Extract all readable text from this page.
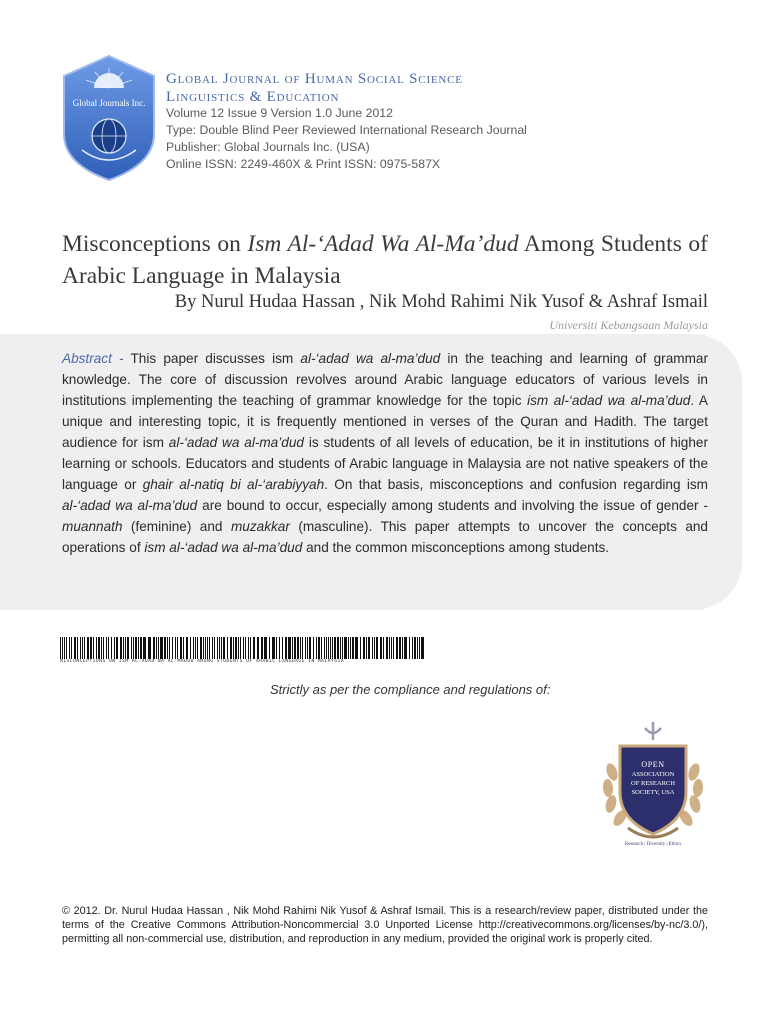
Global Journals Inc.

Global Journal of Human Social Science

Linguistics & Education

Volume 12 Issue 9 Version 1.0 June 2012

Type: Double Blind Peer Reviewed International Research Journal

Publisher: Global Journals Inc. (USA)

Online ISSN: 2249-460X & Print ISSN: 0975-587X

Misconceptions on Ism Al-‘Adad Wa Al-Ma’dud Among Students of Arabic Language in Malaysia

By Nurul Hudaa Hassan , Nik Mohd Rahimi Nik Yusof & Ashraf Ismail

Universiti Kebangsaan Malaysia

Abstract - This paper discusses ism al-‘adad wa al-ma’dud in the teaching and learning of grammar knowledge. The core of discussion revolves around Arabic language educators of various levels in institutions implementing the teaching of grammar knowledge for the topic ism al-‘adad wa al-ma’dud. A unique and interesting topic, it is frequently mentioned in verses of the Quran and Hadith. The target audience for ism al-‘adad wa al-ma’dud is students of all levels of education, be it in institutions of higher learning or schools. Educators and students of Arabic language in Malaysia are not native speakers of the language or ghair al-natiq bi al-‘arabiyyah. On that basis, misconceptions and confusion regarding ism al-‘adad wa al-ma’dud are bound to occur, especially among students and involving the issue of gender - muannath (feminine) and muzakkar (masculine). This paper attempts to uncover the concepts and operations of ism al-‘adad wa al-ma’dud and the common misconceptions among students.

MISCONCEPTIONS ON ISM AL-ADAD WA AL-MADUD AMONG STUDENTS OF ARABIC LANGUAGE IN MALAYSIA

Strictly as per the compliance and regulations of:

OPEN

ASSOCIATION

OF RESEARCH

SOCIETY, USA

Research | Diversity | Ethics

© 2012. Dr. Nurul Hudaa Hassan , Nik Mohd Rahimi Nik Yusof & Ashraf Ismail. This is a research/review paper, distributed under the terms of the Creative Commons Attribution-Noncommercial 3.0 Unported License http://creativecommons.org/licenses/by-nc/3.0/), permitting all non-commercial use, distribution, and reproduction in any medium, provided the original work is properly cited.
